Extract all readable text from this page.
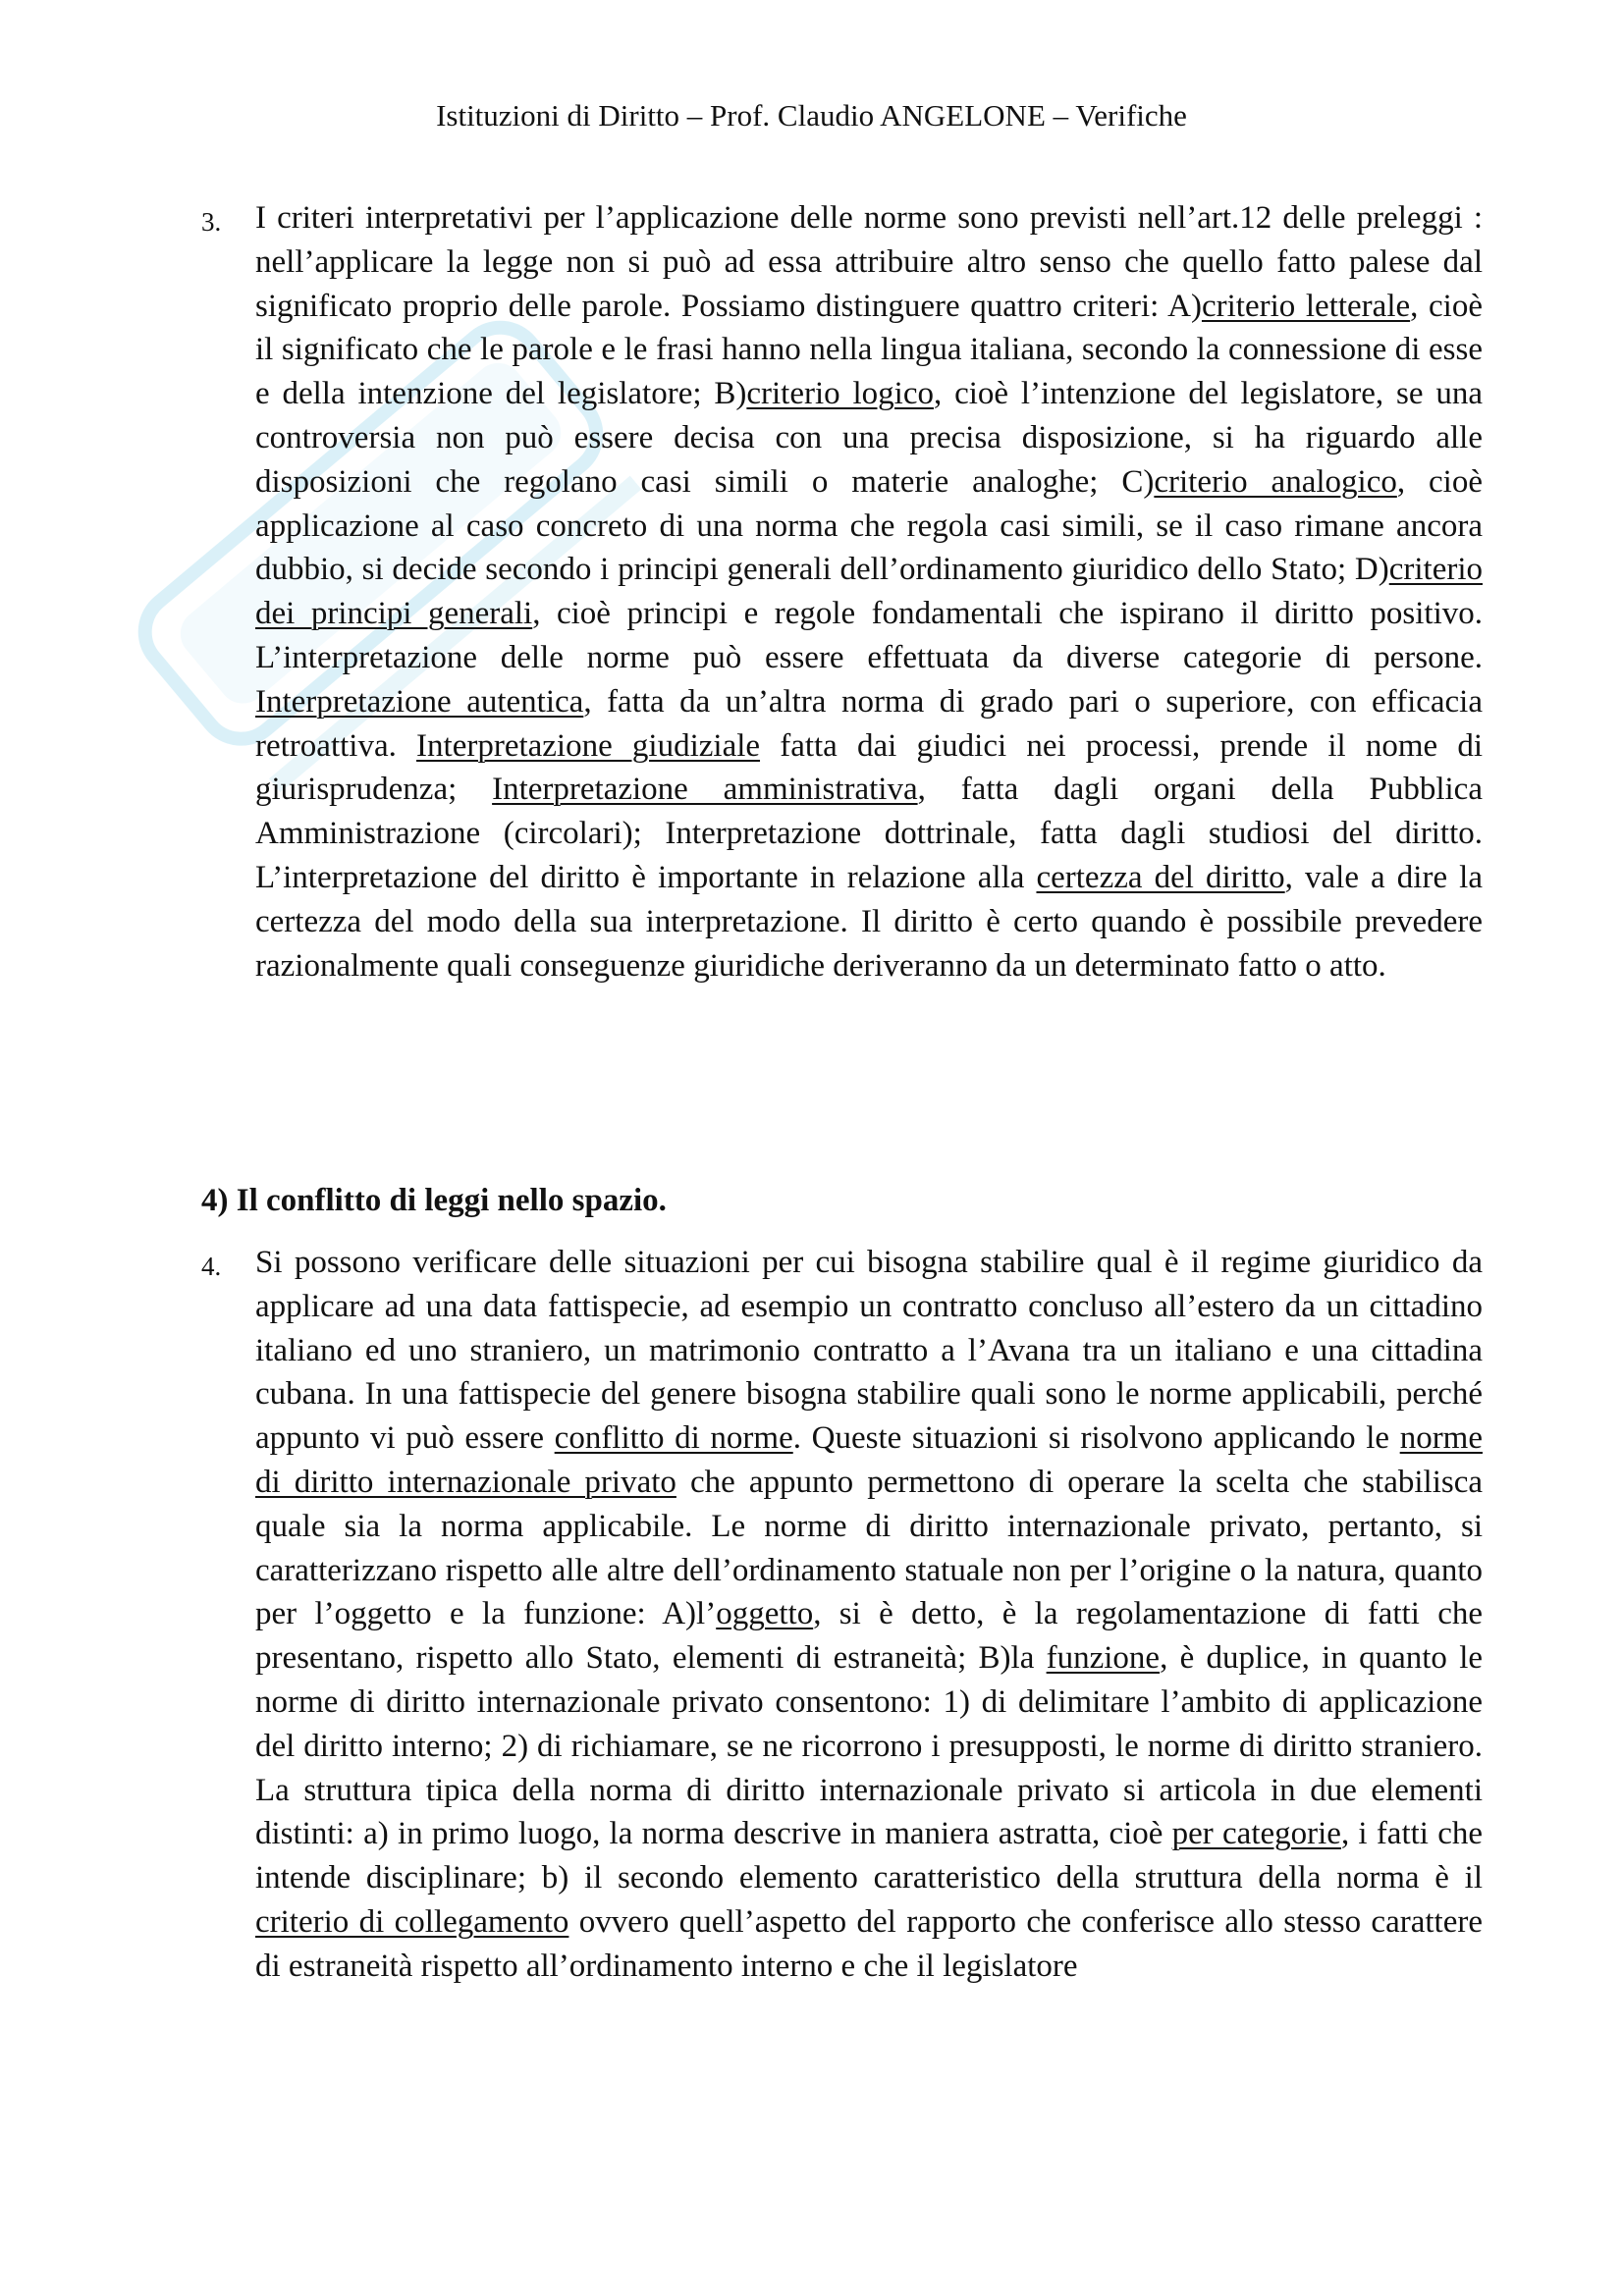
Istituzioni di Diritto – Prof. Claudio ANGELONE – Verifiche
3. I criteri interpretativi per l’applicazione delle norme sono previsti nell’art.12 delle preleggi : nell’applicare la legge non si può ad essa attribuire altro senso che quello fatto palese dal significato proprio delle parole. Possiamo distinguere quattro criteri: A)criterio letterale, cioè il significato che le parole e le frasi hanno nella lingua italiana, secondo la connessione di esse e della intenzione del legislatore; B)criterio logico, cioè l’intenzione del legislatore, se una controversia non può essere decisa con una precisa disposizione, si ha riguardo alle disposizioni che regolano casi simili o materie analoghe; C)criterio analogico, cioè applicazione al caso concreto di una norma che regola casi simili, se il caso rimane ancora dubbio, si decide secondo i principi generali dell’ordinamento giuridico dello Stato; D)criterio dei principi generali, cioè principi e regole fondamentali che ispirano il diritto positivo. L’interpretazione delle norme può essere effettuata da diverse categorie di persone. Interpretazione autentica, fatta da un’altra norma di grado pari o superiore, con efficacia retroattiva. Interpretazione giudiziale fatta dai giudici nei processi, prende il nome di giurisprudenza; Interpretazione amministrativa, fatta dagli organi della Pubblica Amministrazione (circolari); Interpretazione dottrinale, fatta dagli studiosi del diritto. L’interpretazione del diritto è importante in relazione alla certezza del diritto, vale a dire la certezza del modo della sua interpretazione. Il diritto è certo quando è possibile prevedere razionalmente quali conseguenze giuridiche deriveranno da un determinato fatto o atto.
4) Il conflitto di leggi nello spazio.
4. Si possono verificare delle situazioni per cui bisogna stabilire qual è il regime giuridico da applicare ad una data fattispecie, ad esempio un contratto concluso all’estero da un cittadino italiano ed uno straniero, un matrimonio contratto a l’Avana tra un italiano e una cittadina cubana. In una fattispecie del genere bisogna stabilire quali sono le norme applicabili, perché appunto vi può essere conflitto di norme. Queste situazioni si risolvono applicando le norme di diritto internazionale privato che appunto permettono di operare la scelta che stabilisca quale sia la norma applicabile. Le norme di diritto internazionale privato, pertanto, si caratterizzano rispetto alle altre dell’ordinamento statuale non per l’origine o la natura, quanto per l’oggetto e la funzione: A)l’oggetto, si è detto, è la regolamentazione di fatti che presentano, rispetto allo Stato, elementi di estraneità; B)la funzione, è duplice, in quanto le norme di diritto internazionale privato consentono: 1) di delimitare l’ambito di applicazione del diritto interno; 2) di richiamare, se ne ricorrono i presupposti, le norme di diritto straniero. La struttura tipica della norma di diritto internazionale privato si articola in due elementi distinti: a) in primo luogo, la norma descrive in maniera astratta, cioè per categorie, i fatti che intende disciplinare; b) il secondo elemento caratteristico della struttura della norma è il criterio di collegamento ovvero quell’aspetto del rapporto che conferisce allo stesso carattere di estraneità rispetto all’ordinamento interno e che il legislatore
